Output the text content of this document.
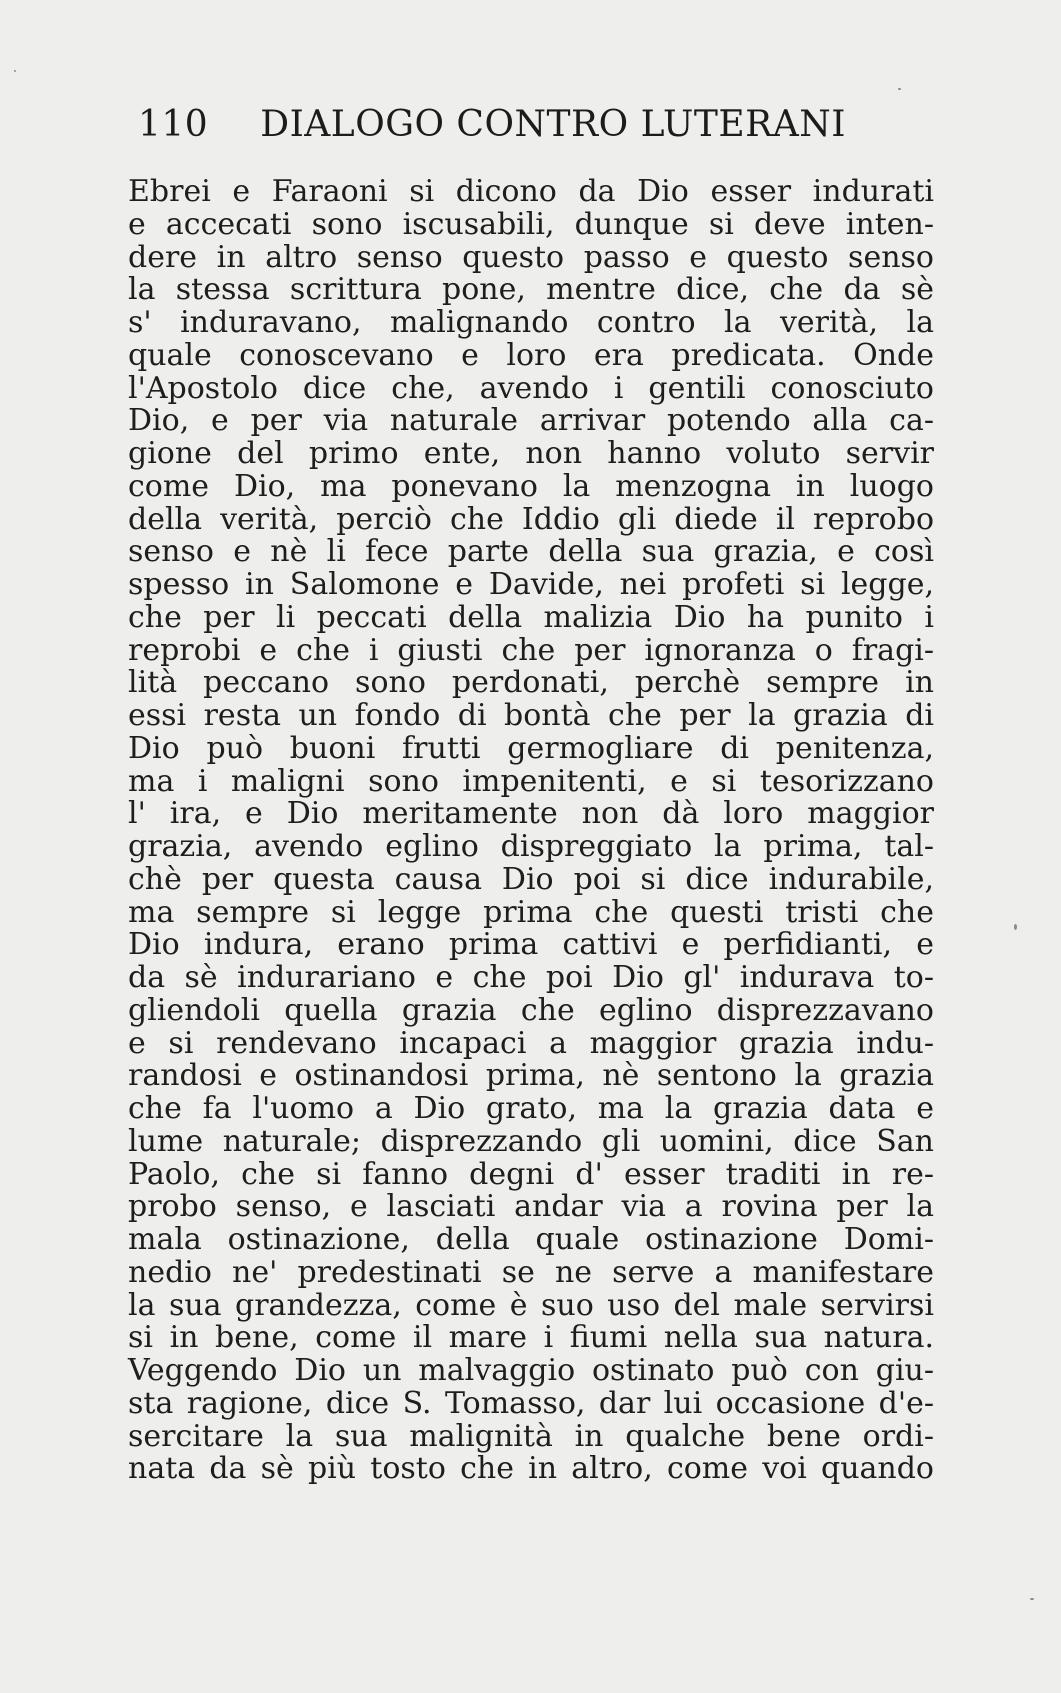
110 DIALOGO CONTRO LUTERANI
Ebrei e Faraoni si dicono da Dio esser indurati
e accecati sono iscusabili, dunque si deve inten-
dere in altro senso questo passo e questo senso
la stessa scrittura pone, mentre dice, che da sè
s' induravano, malignando contro la verità, la
quale conoscevano e loro era predicata. Onde
l'Apostolo dice che, avendo i gentili conosciuto
Dio, e per via naturale arrivar potendo alla ca-
gione del primo ente, non hanno voluto servir
come Dio, ma ponevano la menzogna in luogo
della verità, perciò che Iddio gli diede il reprobo
senso e nè li fece parte della sua grazia, e così
spesso in Salomone e Davide, nei profeti si legge,
che per li peccati della malizia Dio ha punito i
reprobi e che i giusti che per ignoranza o fragi-
lità peccano sono perdonati, perchè sempre in
essi resta un fondo di bontà che per la grazia di
Dio può buoni frutti germogliare di penitenza,
ma i maligni sono impenitenti, e si tesorizzano
l' ira, e Dio meritamente non dà loro maggior
grazia, avendo eglino dispreggiato la prima, tal-
chè per questa causa Dio poi si dice indurabile,
ma sempre si legge prima che questi tristi che
Dio indura, erano prima cattivi e perfidianti, e
da sè indurariano e che poi Dio gl' indurava to-
gliendoli quella grazia che eglino disprezzavano
e si rendevano incapaci a maggior grazia indu-
randosi e ostinandosi prima, nè sentono la grazia
che fa l'uomo a Dio grato, ma la grazia data e
lume naturale; disprezzando gli uomini, dice San
Paolo, che si fanno degni d' esser traditi in re-
probo senso, e lasciati andar via a rovina per la
mala ostinazione, della quale ostinazione Domi-
nedio ne' predestinati se ne serve a manifestare
la sua grandezza, come è suo uso del male servirsi
si in bene, come il mare i fiumi nella sua natura.
Veggendo Dio un malvaggio ostinato può con giu-
sta ragione, dice S. Tomasso, dar lui occasione d'e-
sercitare la sua malignità in qualche bene ordi-
nata da sè più tosto che in altro, come voi quando
